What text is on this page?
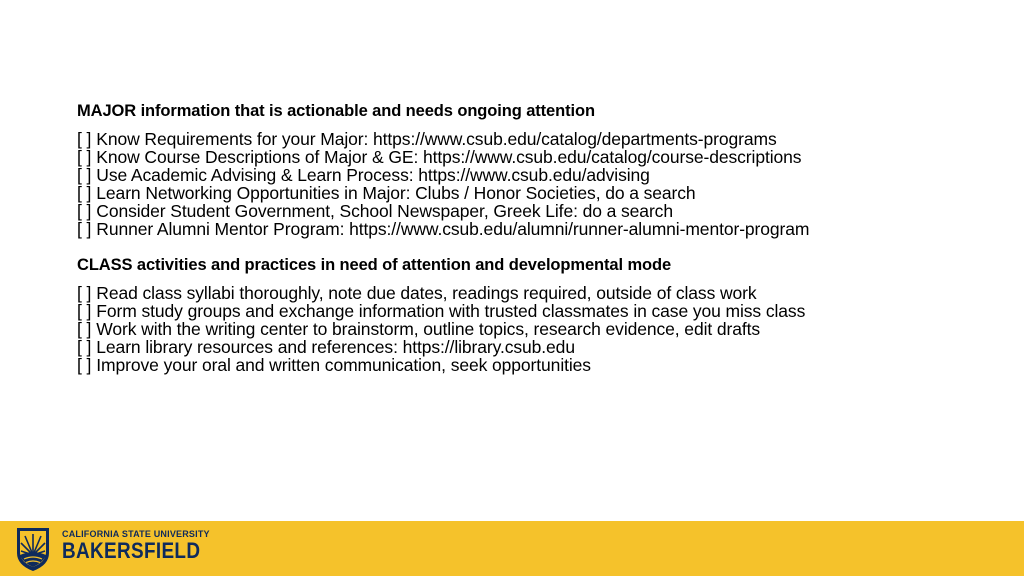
MAJOR information that is actionable and needs ongoing attention

[ ] Know Requirements for your Major: https://www.csub.edu/catalog/departments-programs
[ ] Know Course Descriptions of Major & GE: https://www.csub.edu/catalog/course-descriptions
[ ] Use Academic Advising & Learn Process: https://www.csub.edu/advising
[ ] Learn Networking Opportunities in Major: Clubs / Honor Societies, do a search
[ ] Consider Student Government, School Newspaper, Greek Life: do a search
[ ] Runner Alumni Mentor Program: https://www.csub.edu/alumni/runner-alumni-mentor-program

CLASS activities and practices in need of attention and developmental mode

[ ] Read class syllabi thoroughly, note due dates, readings required, outside of class work
[ ] Form study groups and exchange information with trusted classmates in case you miss class
[ ] Work with the writing center to brainstorm, outline topics, research evidence, edit drafts
[ ] Learn library resources and references: https://library.csub.edu
[ ] Improve your oral and written communication, seek opportunities
CALIFORNIA STATE UNIVERSITY
BAKERSFIELD
